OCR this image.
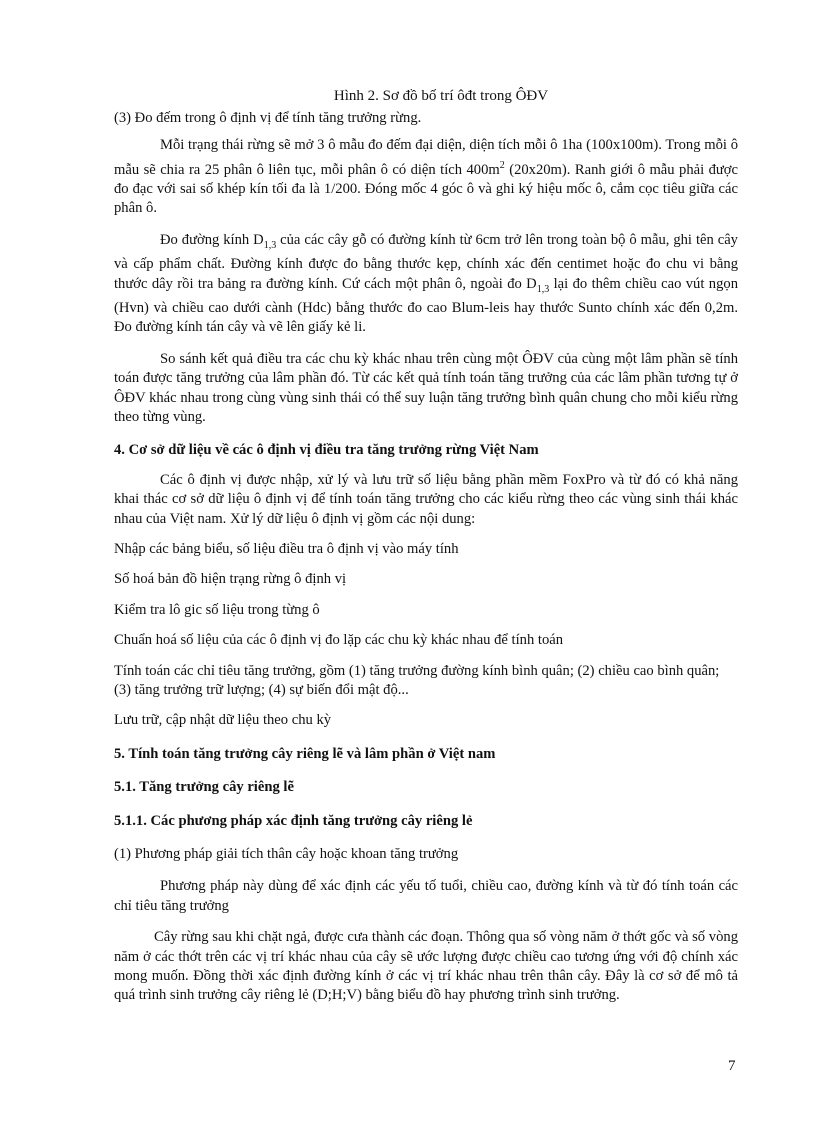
Hình 2. Sơ đồ bố trí ôđt trong ÔĐV

(3) Đo đếm trong ô định vị để tính tăng trưởng rừng.

Mỗi trạng thái rừng sẽ mở 3 ô mẫu đo đếm đại diện, diện tích mỗi ô 1ha (100x100m). Trong mỗi ô mẫu sẽ chia ra 25 phân ô liên tục, mỗi phân ô có diện tích $400m^2$ (20x20m). Ranh giới ô mẫu phải được đo đạc với sai số khép kín tối đa là 1/200. Đóng mốc 4 góc ô và ghi ký hiệu mốc ô, cắm cọc tiêu giữa các phân ô.

Đo đường kính $D_{1,3}$ của các cây gỗ có đường kính từ 6cm trở lên trong toàn bộ ô mẫu, ghi tên cây và cấp phẩm chất. Đường kính được đo bằng thước kẹp, chính xác đến centimet hoặc đo chu vi bằng thước dây rồi tra bảng ra đường kính. Cứ cách một phân ô, ngoài đo $D_{1,3}$ lại đo thêm chiều cao vút ngọn (Hvn) và chiều cao dưới cành (Hdc) bằng thước đo cao Blum-leis hay thước Sunto chính xác đến 0,2m. Đo đường kính tán cây và vẽ lên giấy kẻ li.

So sánh kết quả điều tra các chu kỳ khác nhau trên cùng một ÔĐV của cùng một lâm phần sẽ tính toán được tăng trưởng của lâm phần đó. Từ các kết quả tính toán tăng trưởng của các lâm phần tương tự ở ÔĐV khác nhau trong cùng vùng sinh thái có thể suy luận tăng trưởng bình quân chung cho mỗi kiểu rừng theo từng vùng.

4. Cơ sở dữ liệu về các ô định vị điều tra tăng trưởng rừng Việt Nam

Các ô định vị được nhập, xử lý và lưu trữ số liệu bằng phần mềm FoxPro và từ đó có khả năng khai thác cơ sở dữ liệu ô định vị để tính toán tăng trưởng cho các kiểu rừng theo các vùng sinh thái khác nhau của Việt nam. Xử lý dữ liệu ô định vị gồm các nội dung:

Nhập các bảng biểu, số liệu điều tra ô định vị vào máy tính
Số hoá bản đồ hiện trạng rừng ô định vị
Kiểm tra lô gic số liệu trong từng ô
Chuẩn hoá số liệu của các ô định vị đo lặp các chu kỳ khác nhau để tính toán
Tính toán các chỉ tiêu tăng trưởng, gồm (1) tăng trưởng đường kính bình quân; (2) chiều cao bình quân; (3) tăng trưởng trữ lượng; (4) sự biến đổi mật độ...
Lưu trữ, cập nhật dữ liệu theo chu kỳ
5. Tính toán tăng trưởng cây riêng lẽ và lâm phần ở Việt nam
5.1. Tăng trưởng cây riêng lẽ
5.1.1. Các phương pháp xác định tăng trưởng cây riêng lẻ
(1) Phương pháp giải tích thân cây hoặc khoan tăng trưởng

Phương pháp này dùng để xác định các yếu tố tuổi, chiều cao, đường kính và từ đó tính toán các chỉ tiêu tăng trưởng

Cây rừng sau khi chặt ngả, được cưa thành các đoạn. Thông qua số vòng năm ở thớt gốc và số vòng năm ở các thớt trên các vị trí khác nhau của cây sẽ ước lượng được chiều cao tương ứng với độ chính xác mong muốn. Đồng thời xác định đường kính ở các vị trí khác nhau trên thân cây. Đây là cơ sở để mô tả quá trình sinh trưởng cây riêng lẻ (D;H;V) bằng biểu đồ hay phương trình sinh trưởng.

7
